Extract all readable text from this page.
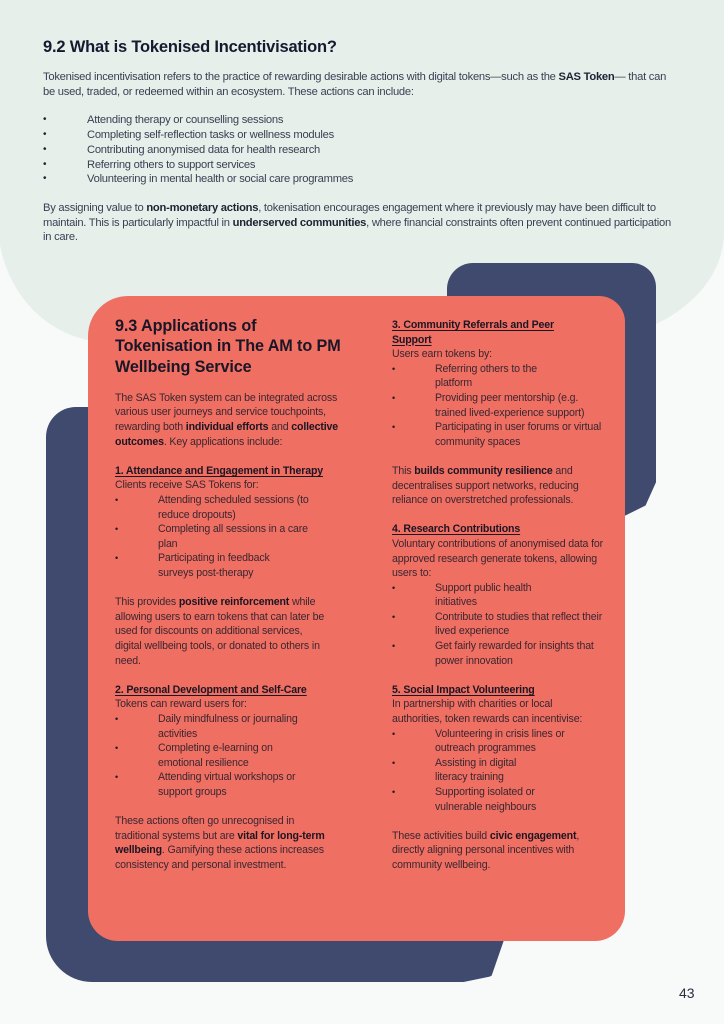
9.2 What is Tokenised Incentivisation?

Tokenised incentivisation refers to the practice of rewarding desirable actions with digital tokens—such as the SAS Token— that can be used, traded, or redeemed within an ecosystem. These actions can include:

• Attending therapy or counselling sessions
• Completing self-reflection tasks or wellness modules
• Contributing anonymised data for health research
• Referring others to support services
• Volunteering in mental health or social care programmes

By assigning value to non-monetary actions, tokenisation encourages engagement where it previously may have been difficult to maintain. This is particularly impactful in underserved communities, where financial constraints often prevent continued participation in care.

9.3 Applications of Tokenisation in The AM to PM Wellbeing Service

The SAS Token system can be integrated across various user journeys and service touchpoints, rewarding both individual efforts and collective outcomes. Key applications include:

1. Attendance and Engagement in Therapy
Clients receive SAS Tokens for:
• Attending scheduled sessions (to reduce dropouts)
• Completing all sessions in a care plan
• Participating in feedback surveys post-therapy

This provides positive reinforcement while allowing users to earn tokens that can later be used for discounts on additional services, digital wellbeing tools, or donated to others in need.

2. Personal Development and Self-Care
Tokens can reward users for:
• Daily mindfulness or journaling activities
• Completing e-learning on emotional resilience
• Attending virtual workshops or support groups

These actions often go unrecognised in traditional systems but are vital for long-term wellbeing. Gamifying these actions increases consistency and personal investment.

3. Community Referrals and Peer Support
Users earn tokens by:
• Referring others to the platform
• Providing peer mentorship (e.g. trained lived-experience support)
• Participating in user forums or virtual community spaces

This builds community resilience and decentralises support networks, reducing reliance on overstretched professionals.

4. Research Contributions
Voluntary contributions of anonymised data for approved research generate tokens, allowing users to:
• Support public health initiatives
• Contribute to studies that reflect their lived experience
• Get fairly rewarded for insights that power innovation
5. Social Impact Volunteering
In partnership with charities or local authorities, token rewards can incentivise:
• Volunteering in crisis lines or outreach programmes
• Assisting in digital literacy training
• Supporting isolated or vulnerable neighbours

These activities build civic engagement, directly aligning personal incentives with community wellbeing.

43
